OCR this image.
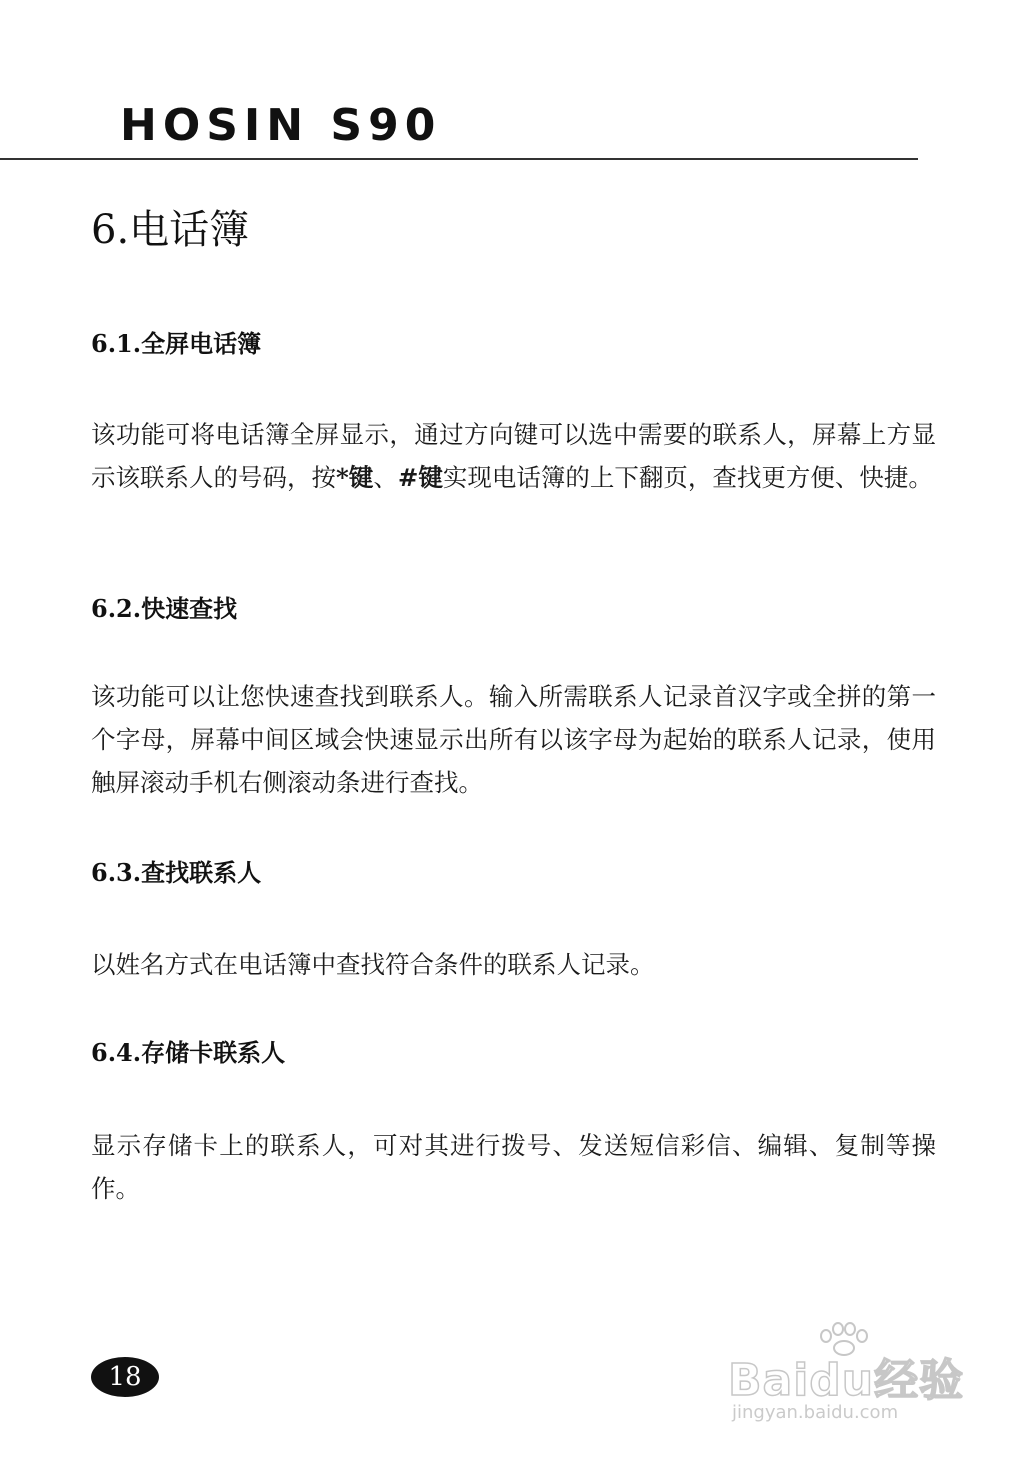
HOSIN S90
6.电话簿
6.1.全屏电话簿
该功能可将电话簿全屏显示，通过方向键可以选中需要的联系人，屏幕上方显示该联系人的号码，按*键、#键实现电话簿的上下翻页，查找更方便、快捷。
6.2.快速查找
该功能可以让您快速查找到联系人。输入所需联系人记录首汉字或全拼的第一个字母，屏幕中间区域会快速显示出所有以该字母为起始的联系人记录，使用触屏滚动手机右侧滚动条进行查找。
6.3.查找联系人
以姓名方式在电话簿中查找符合条件的联系人记录。
6.4.存储卡联系人
显示存储卡上的联系人，可对其进行拨号、发送短信彩信、编辑、复制等操作。
18	Baidu经验
jingyan.baidu.com
